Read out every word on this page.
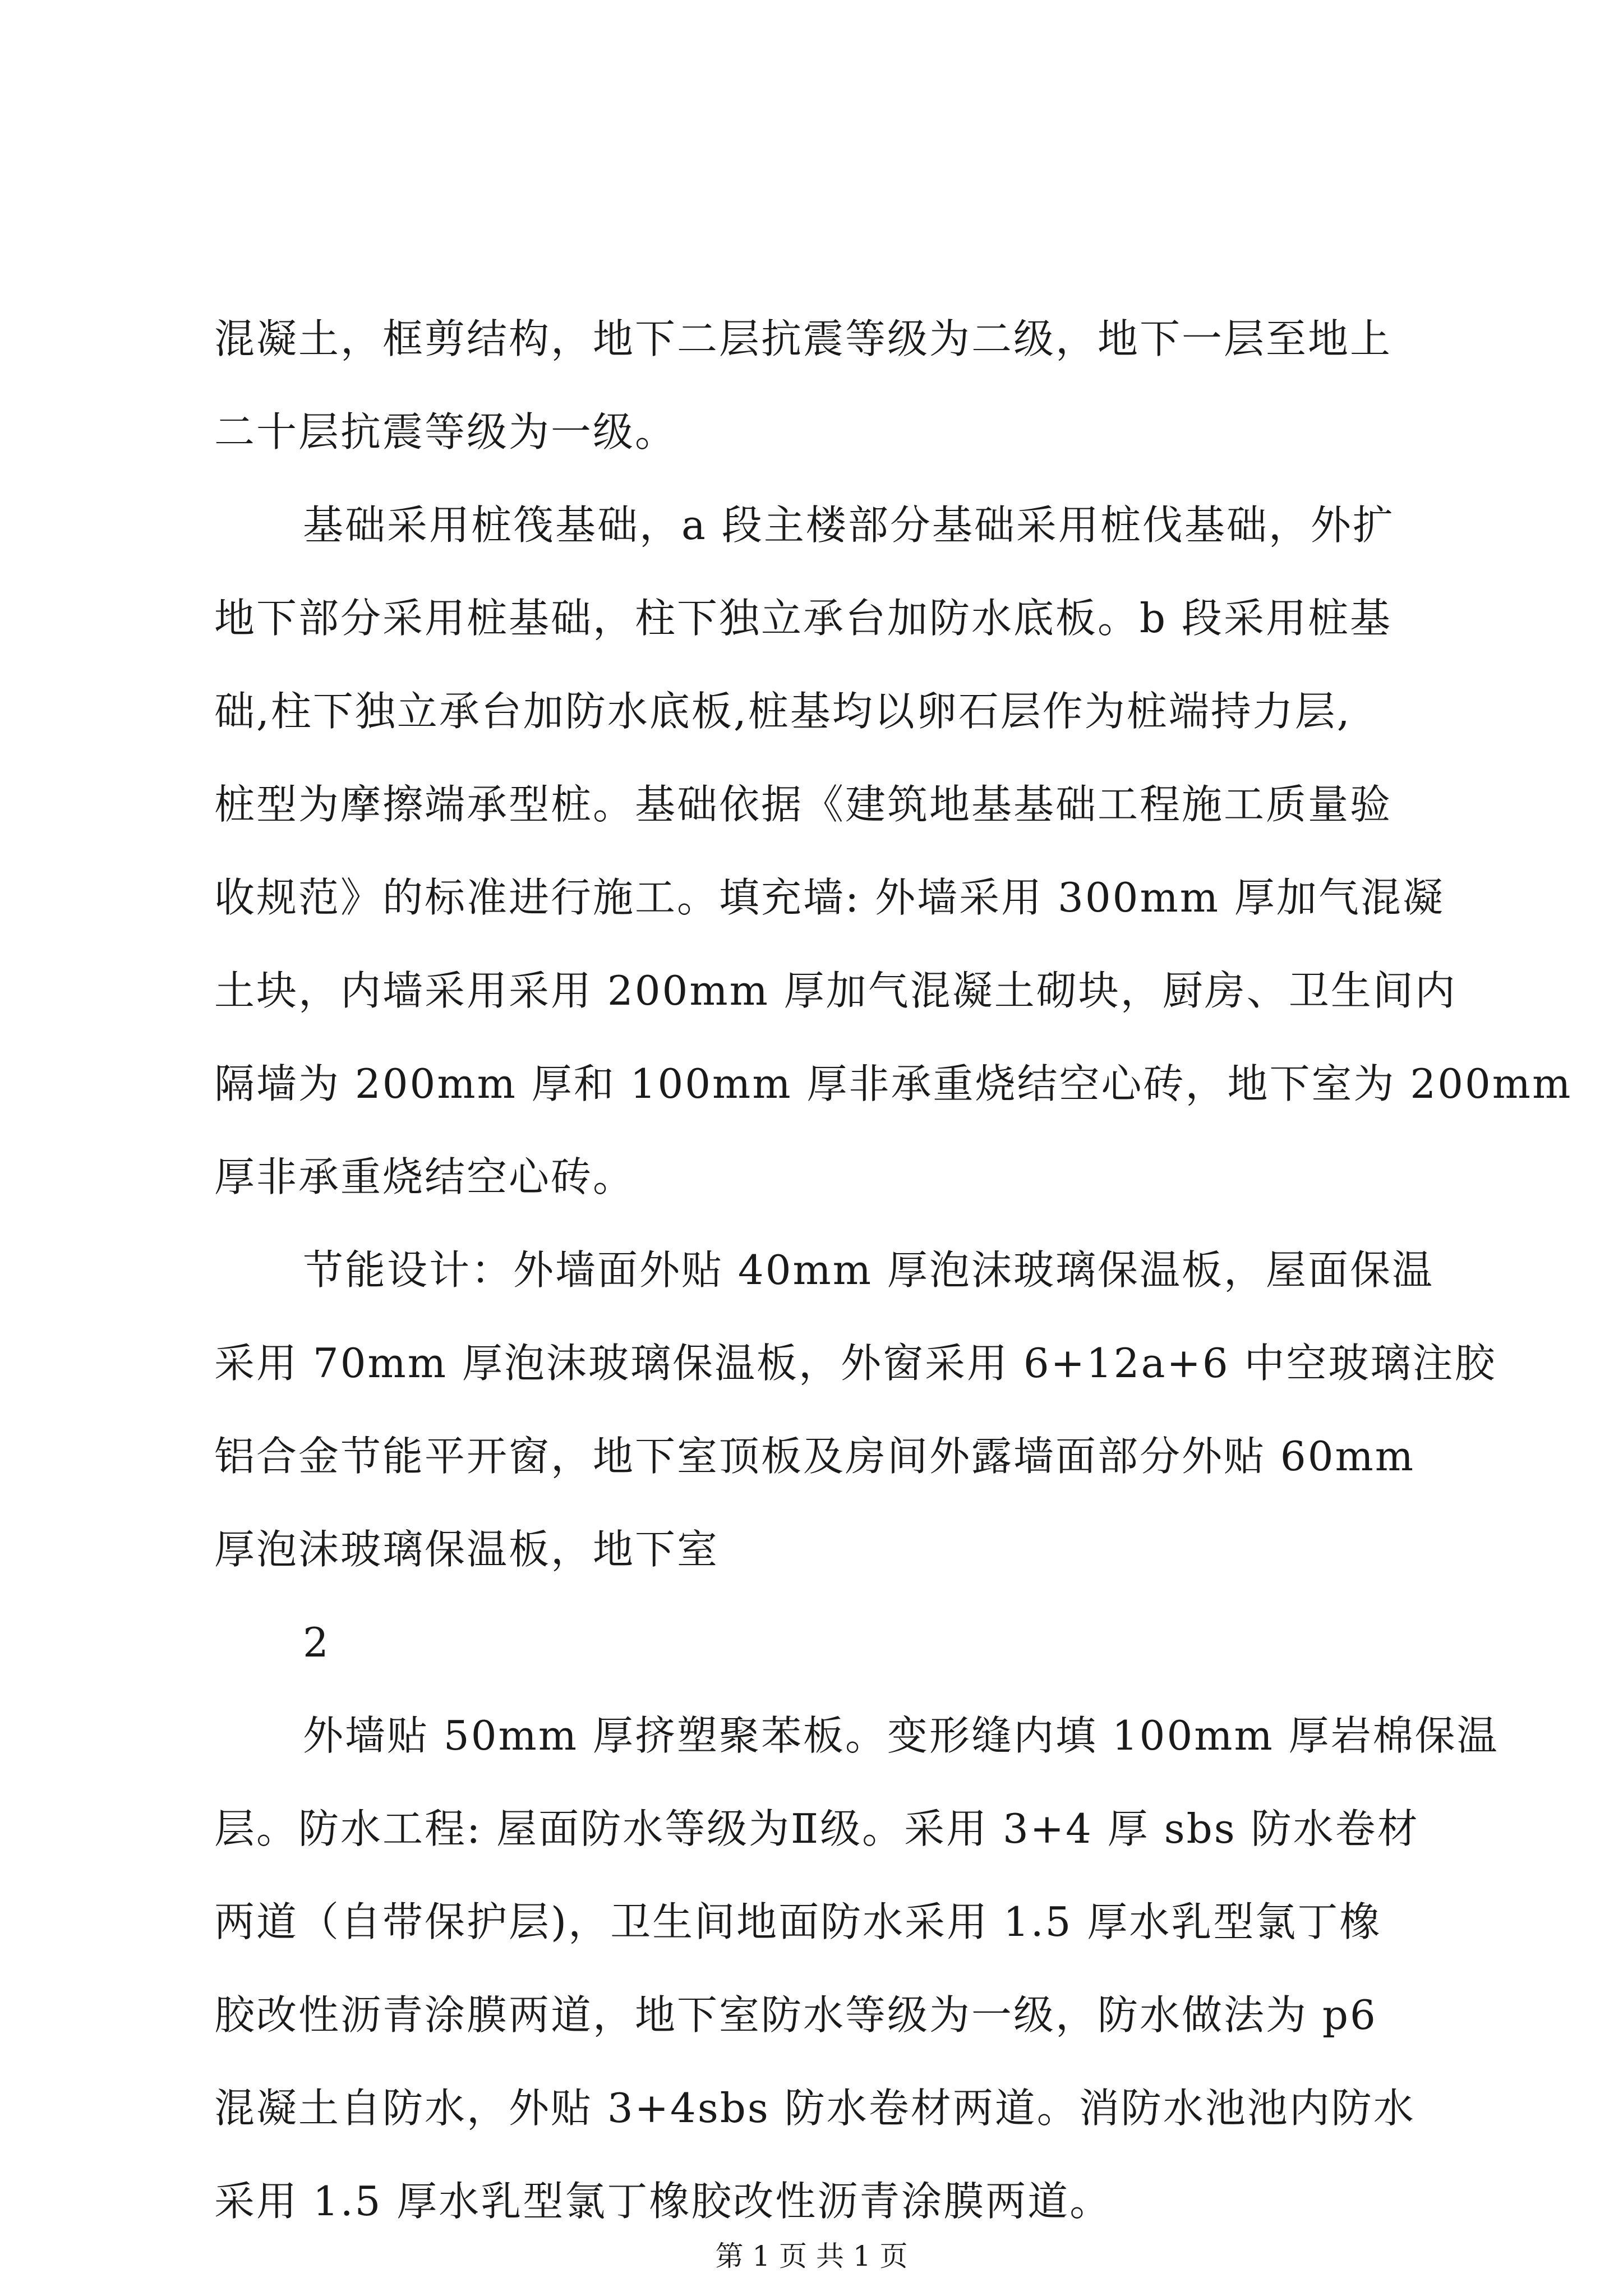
混凝土，框剪结构，地下二层抗震等级为二级，地下一层至地上
二十层抗震等级为一级。
基础采用桩筏基础，a 段主楼部分基础采用桩伐基础，外扩
地下部分采用桩基础，柱下独立承台加防水底板。b 段采用桩基
础,柱下独立承台加防水底板,桩基均以卵石层作为桩端持力层,
桩型为摩擦端承型桩。基础依据《建筑地基基础工程施工质量验
收规范》的标准进行施工。填充墙: 外墙采用 300mm 厚加气混凝
土块，内墙采用采用 200mm 厚加气混凝土砌块，厨房、卫生间内
隔墙为 200mm 厚和 100mm 厚非承重烧结空心砖，地下室为 200mm
厚非承重烧结空心砖。
节能设计：外墙面外贴 40mm 厚泡沫玻璃保温板，屋面保温
采用 70mm 厚泡沫玻璃保温板，外窗采用 6+12a+6 中空玻璃注胶
铝合金节能平开窗，地下室顶板及房间外露墙面部分外贴 60mm
厚泡沫玻璃保温板，地下室
2
外墙贴 50mm 厚挤塑聚苯板。变形缝内填 100mm 厚岩棉保温
层。防水工程: 屋面防水等级为Ⅱ级。采用 3+4 厚 sbs 防水卷材
两道（自带保护层)，卫生间地面防水采用 1.5 厚水乳型氯丁橡
胶改性沥青涂膜两道，地下室防水等级为一级，防水做法为 p6
混凝土自防水，外贴 3+4sbs 防水卷材两道。消防水池池内防水
采用 1.5 厚水乳型氯丁橡胶改性沥青涂膜两道。
第 1 页 共 1 页
